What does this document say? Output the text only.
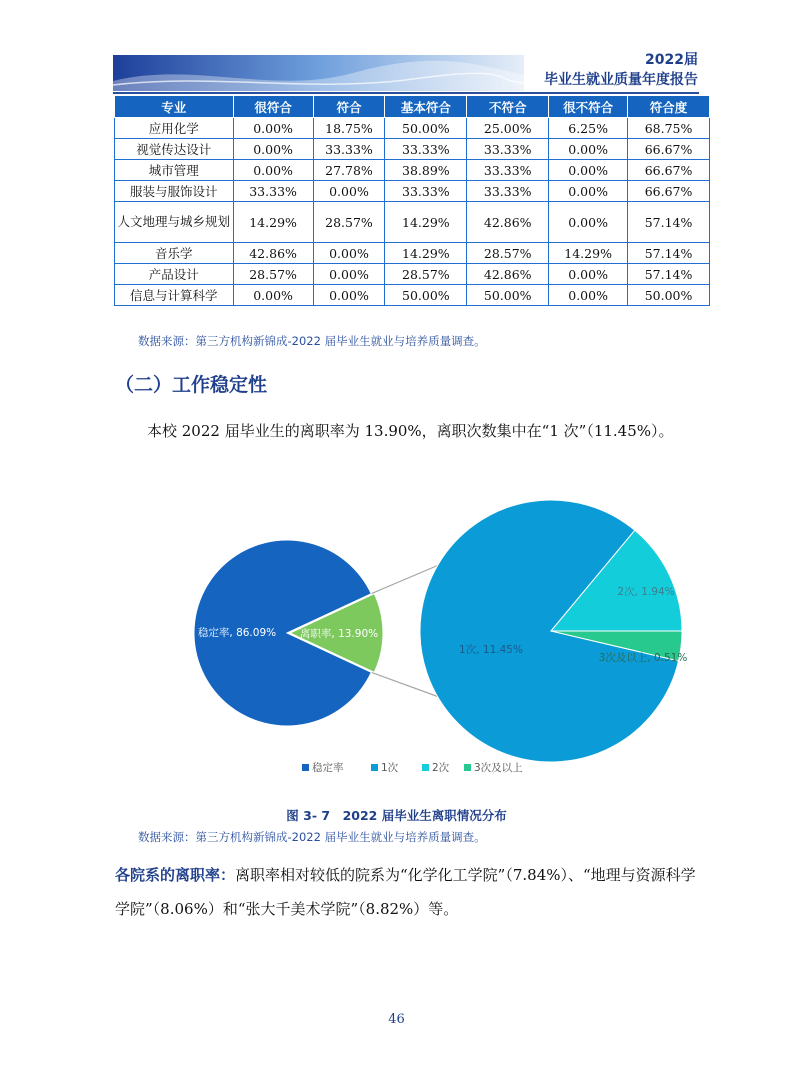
2022届
毕业生就业质量年度报告
专业	很符合	符合	基本符合	不符合	很不符合	符合度
应用化学	0.00%	18.75%	50.00%	25.00%	6.25%	68.75%
视觉传达设计	0.00%	33.33%	33.33%	33.33%	0.00%	66.67%
城市管理	0.00%	27.78%	38.89%	33.33%	0.00%	66.67%
服装与服饰设计	33.33%	0.00%	33.33%	33.33%	0.00%	66.67%
人文地理与城乡规划	14.29%	28.57%	14.29%	42.86%	0.00%	57.14%
音乐学	42.86%	0.00%	14.29%	28.57%	14.29%	57.14%
产品设计	28.57%	0.00%	28.57%	42.86%	0.00%	57.14%
信息与计算科学	0.00%	0.00%	50.00%	50.00%	0.00%	50.00%
数据来源：第三方机构新锦成-2022 届毕业生就业与培养质量调查。
（二）工作稳定性
本校 2022 届毕业生的离职率为 13.90%，离职次数集中在“1 次”（11.45%）。
稳定率, 86.09% 离职率, 13.90%
1次, 11.45%
2次, 1.94%
3次及以上, 0.51%
稳定率	1次	2次 3次及以上
图 3- 7　2022 届毕业生离职情况分布
数据来源：第三方机构新锦成-2022 届毕业生就业与培养质量调查。
各院系的离职率：离职率相对较低的院系为“化学化工学院”（7.84%）、“地理与资源科学学院”（8.06%）和“张大千美术学院”（8.82%）等。
46
